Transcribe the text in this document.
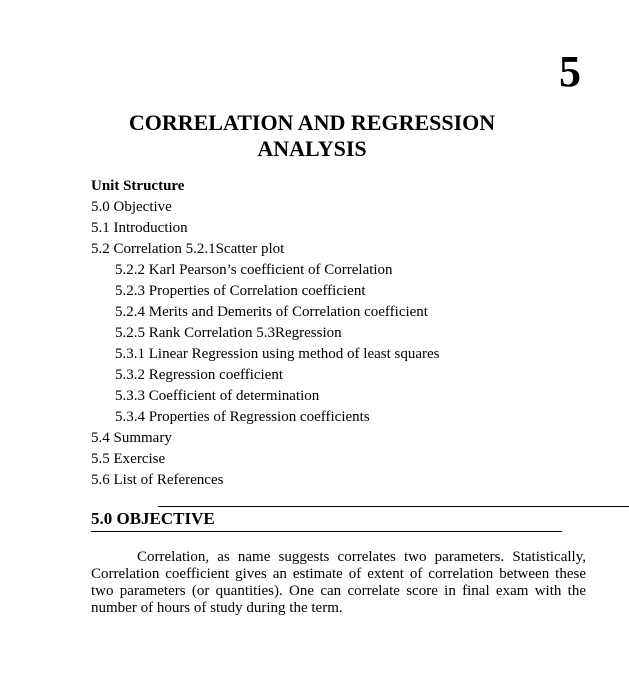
5
CORRELATION AND REGRESSION
ANALYSIS
Unit Structure
5.0 Objective
5.1 Introduction
5.2 Correlation 5.2.1Scatter plot
5.2.2 Karl Pearson’s coefficient of Correlation
5.2.3 Properties of Correlation coefficient
5.2.4 Merits and Demerits of Correlation coefficient
5.2.5 Rank Correlation 5.3Regression
5.3.1 Linear Regression using method of least squares
5.3.2 Regression coefficient
5.3.3 Coefficient of determination
5.3.4 Properties of Regression coefficients
5.4 Summary
5.5 Exercise
5.6 List of References
5.0 OBJECTIVE

Correlation, as name suggests correlates two parameters. Statistically, Correlation coefficient gives an estimate of extent of correlation between these two parameters (or quantities). One can correlate score in final exam with the number of hours of study during the term.
